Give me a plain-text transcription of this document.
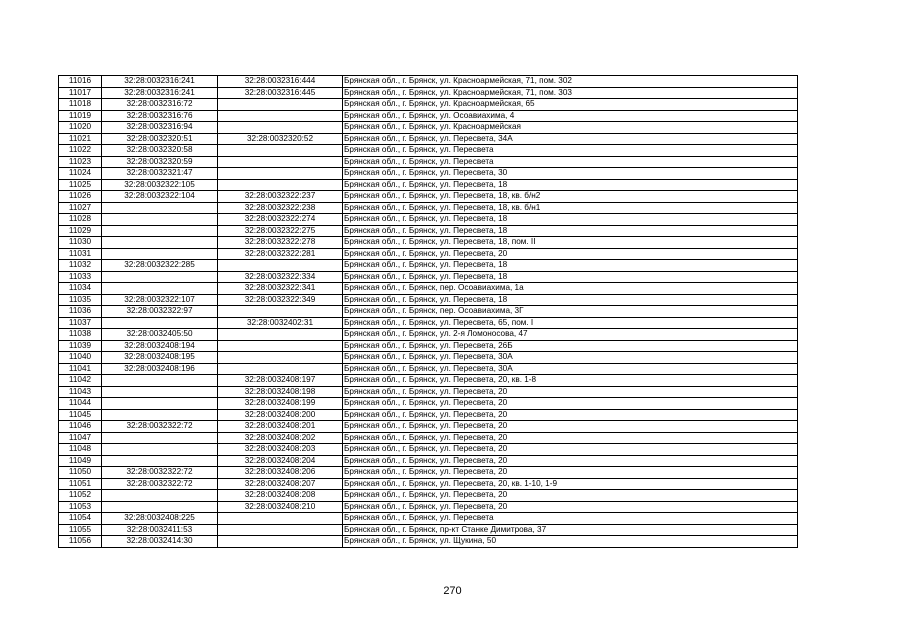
11016	32:28:0032316:241	32:28:0032316:444	Брянская обл., г. Брянск, ул. Красноармейская, 71, пом. 302
11017	32:28:0032316:241	32:28:0032316:445	Брянская обл., г. Брянск, ул. Красноармейская, 71, пом. 303
11018	32:28:0032316:72		Брянская обл., г. Брянск, ул. Красноармейская, 65
11019	32:28:0032316:76		Брянская обл., г. Брянск, ул. Осоавиахима, 4
11020	32:28:0032316:94		Брянская обл., г. Брянск, ул. Красноармейская
11021	32:28:0032320:51	32:28:0032320:52	Брянская обл., г. Брянск, ул. Пересвета, 34А
11022	32:28:0032320:58		Брянская обл., г. Брянск, ул. Пересвета
11023	32:28:0032320:59		Брянская обл., г. Брянск, ул. Пересвета
11024	32:28:0032321:47		Брянская обл., г. Брянск, ул. Пересвета, 30
11025	32:28:0032322:105		Брянская обл., г. Брянск, ул. Пересвета, 18
11026	32:28:0032322:104	32:28:0032322:237	Брянская обл., г. Брянск, ул. Пересвета, 18, кв. б/н2
11027		32:28:0032322:238	Брянская обл., г. Брянск, ул. Пересвета, 18, кв. б/н1
11028		32:28:0032322:274	Брянская обл., г. Брянск, ул. Пересвета, 18
11029		32:28:0032322:275	Брянская обл., г. Брянск, ул. Пересвета, 18
11030		32:28:0032322:278	Брянская обл., г. Брянск, ул. Пересвета, 18, пом. II
11031		32:28:0032322:281	Брянская обл., г. Брянск, ул. Пересвета, 20
11032	32:28:0032322:285		Брянская обл., г. Брянск, ул. Пересвета, 18
11033		32:28:0032322:334	Брянская обл., г. Брянск, ул. Пересвета, 18
11034		32:28:0032322:341	Брянская обл., г. Брянск, пер. Осоавиахима, 1а
11035	32:28:0032322:107	32:28:0032322:349	Брянская обл., г. Брянск, ул. Пересвета, 18
11036	32:28:0032322:97		Брянская обл., г. Брянск, пер. Осоавиахима, 3Г
11037		32:28:0032402:31	Брянская обл., г. Брянск, ул. Пересвета, 65, пом. I
11038	32:28:0032405:50		Брянская обл., г. Брянск, ул. 2-я Ломоносова, 47
11039	32:28:0032408:194		Брянская обл., г. Брянск, ул. Пересвета, 26Б
11040	32:28:0032408:195		Брянская обл., г. Брянск, ул. Пересвета, 30А
11041	32:28:0032408:196		Брянская обл., г. Брянск, ул. Пересвета, 30А
11042		32:28:0032408:197	Брянская обл., г. Брянск, ул. Пересвета, 20, кв. 1-8
11043		32:28:0032408:198	Брянская обл., г. Брянск, ул. Пересвета, 20
11044		32:28:0032408:199	Брянская обл., г. Брянск, ул. Пересвета, 20
11045		32:28:0032408:200	Брянская обл., г. Брянск, ул. Пересвета, 20
11046	32:28:0032322:72	32:28:0032408:201	Брянская обл., г. Брянск, ул. Пересвета, 20
11047		32:28:0032408:202	Брянская обл., г. Брянск, ул. Пересвета, 20
11048		32:28:0032408:203	Брянская обл., г. Брянск, ул. Пересвета, 20
11049		32:28:0032408:204	Брянская обл., г. Брянск, ул. Пересвета, 20
11050	32:28:0032322:72	32:28:0032408:206	Брянская обл., г. Брянск, ул. Пересвета, 20
11051	32:28:0032322:72	32:28:0032408:207	Брянская обл., г. Брянск, ул. Пересвета, 20, кв. 1-10, 1-9
11052		32:28:0032408:208	Брянская обл., г. Брянск, ул. Пересвета, 20
11053		32:28:0032408:210	Брянская обл., г. Брянск, ул. Пересвета, 20
11054	32:28:0032408:225		Брянская обл., г. Брянск, ул. Пересвета
11055	32:28:0032411:53		Брянская обл., г. Брянск, пр-кт Станке Димитрова, 37
11056	32:28:0032414:30		Брянская обл., г. Брянск, ул. Щукина, 50
270
